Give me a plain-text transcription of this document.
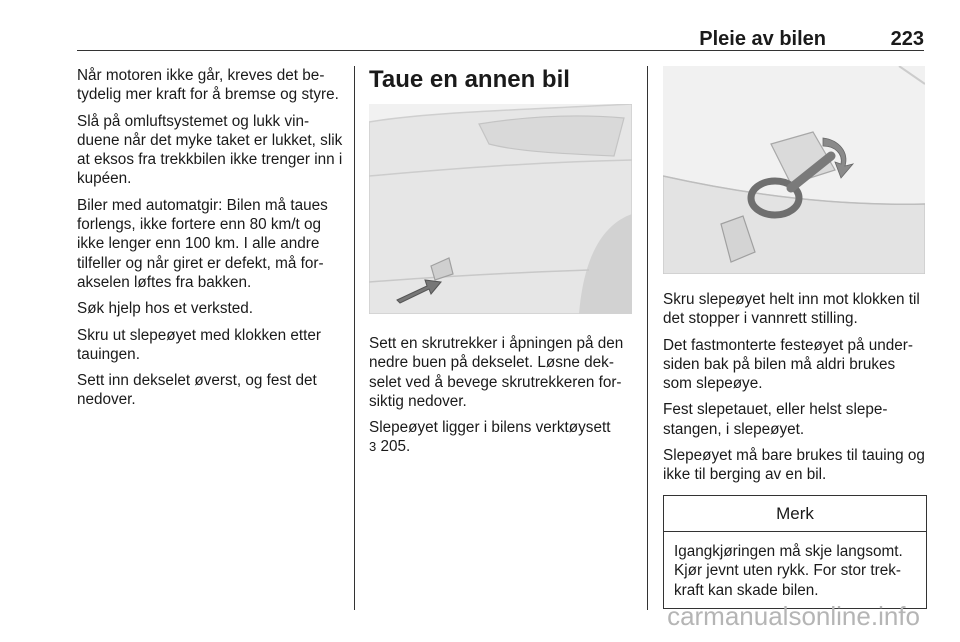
Pleie av bilen	223

Når motoren ikke går, kreves det be-tydelig mer kraft for å bremse og styre.

Slå på omluftsystemet og lukk vin-duene når det myke taket er lukket, slik at eksos fra trekkbilen ikke trenger inn i kupéen.

Biler med automatgir: Bilen må taues forlengs, ikke fortere enn 80 km/t og ikke lenger enn 100 km. I alle andre tilfeller og når giret er defekt, må for-akselen løftes fra bakken.

Søk hjelp hos et verksted.

Skru ut slepeøyet med klokken etter tauingen.

Sett inn dekselet øverst, og fest det nedover.

Taue en annen bil

Sett en skrutrekker i åpningen på den nedre buen på dekselet. Løsne dek-selet ved å bevege skrutrekkeren for-siktig nedover.

Slepeøyet ligger i bilens verktøysett
3 205.

Skru slepeøyet helt inn mot klokken til det stopper i vannrett stilling.

Det fastmonterte festeøyet på under-siden bak på bilen må aldri brukes som slepeøye.

Fest slepetauet, eller helst slepe-stangen, i slepeøyet.

Slepeøyet må bare brukes til tauing og ikke til berging av en bil.

Merk
Igangkjøringen må skje langsomt. Kjør jevnt uten rykk. For stor trek-kraft kan skade bilen.
carmanualsonline.info
